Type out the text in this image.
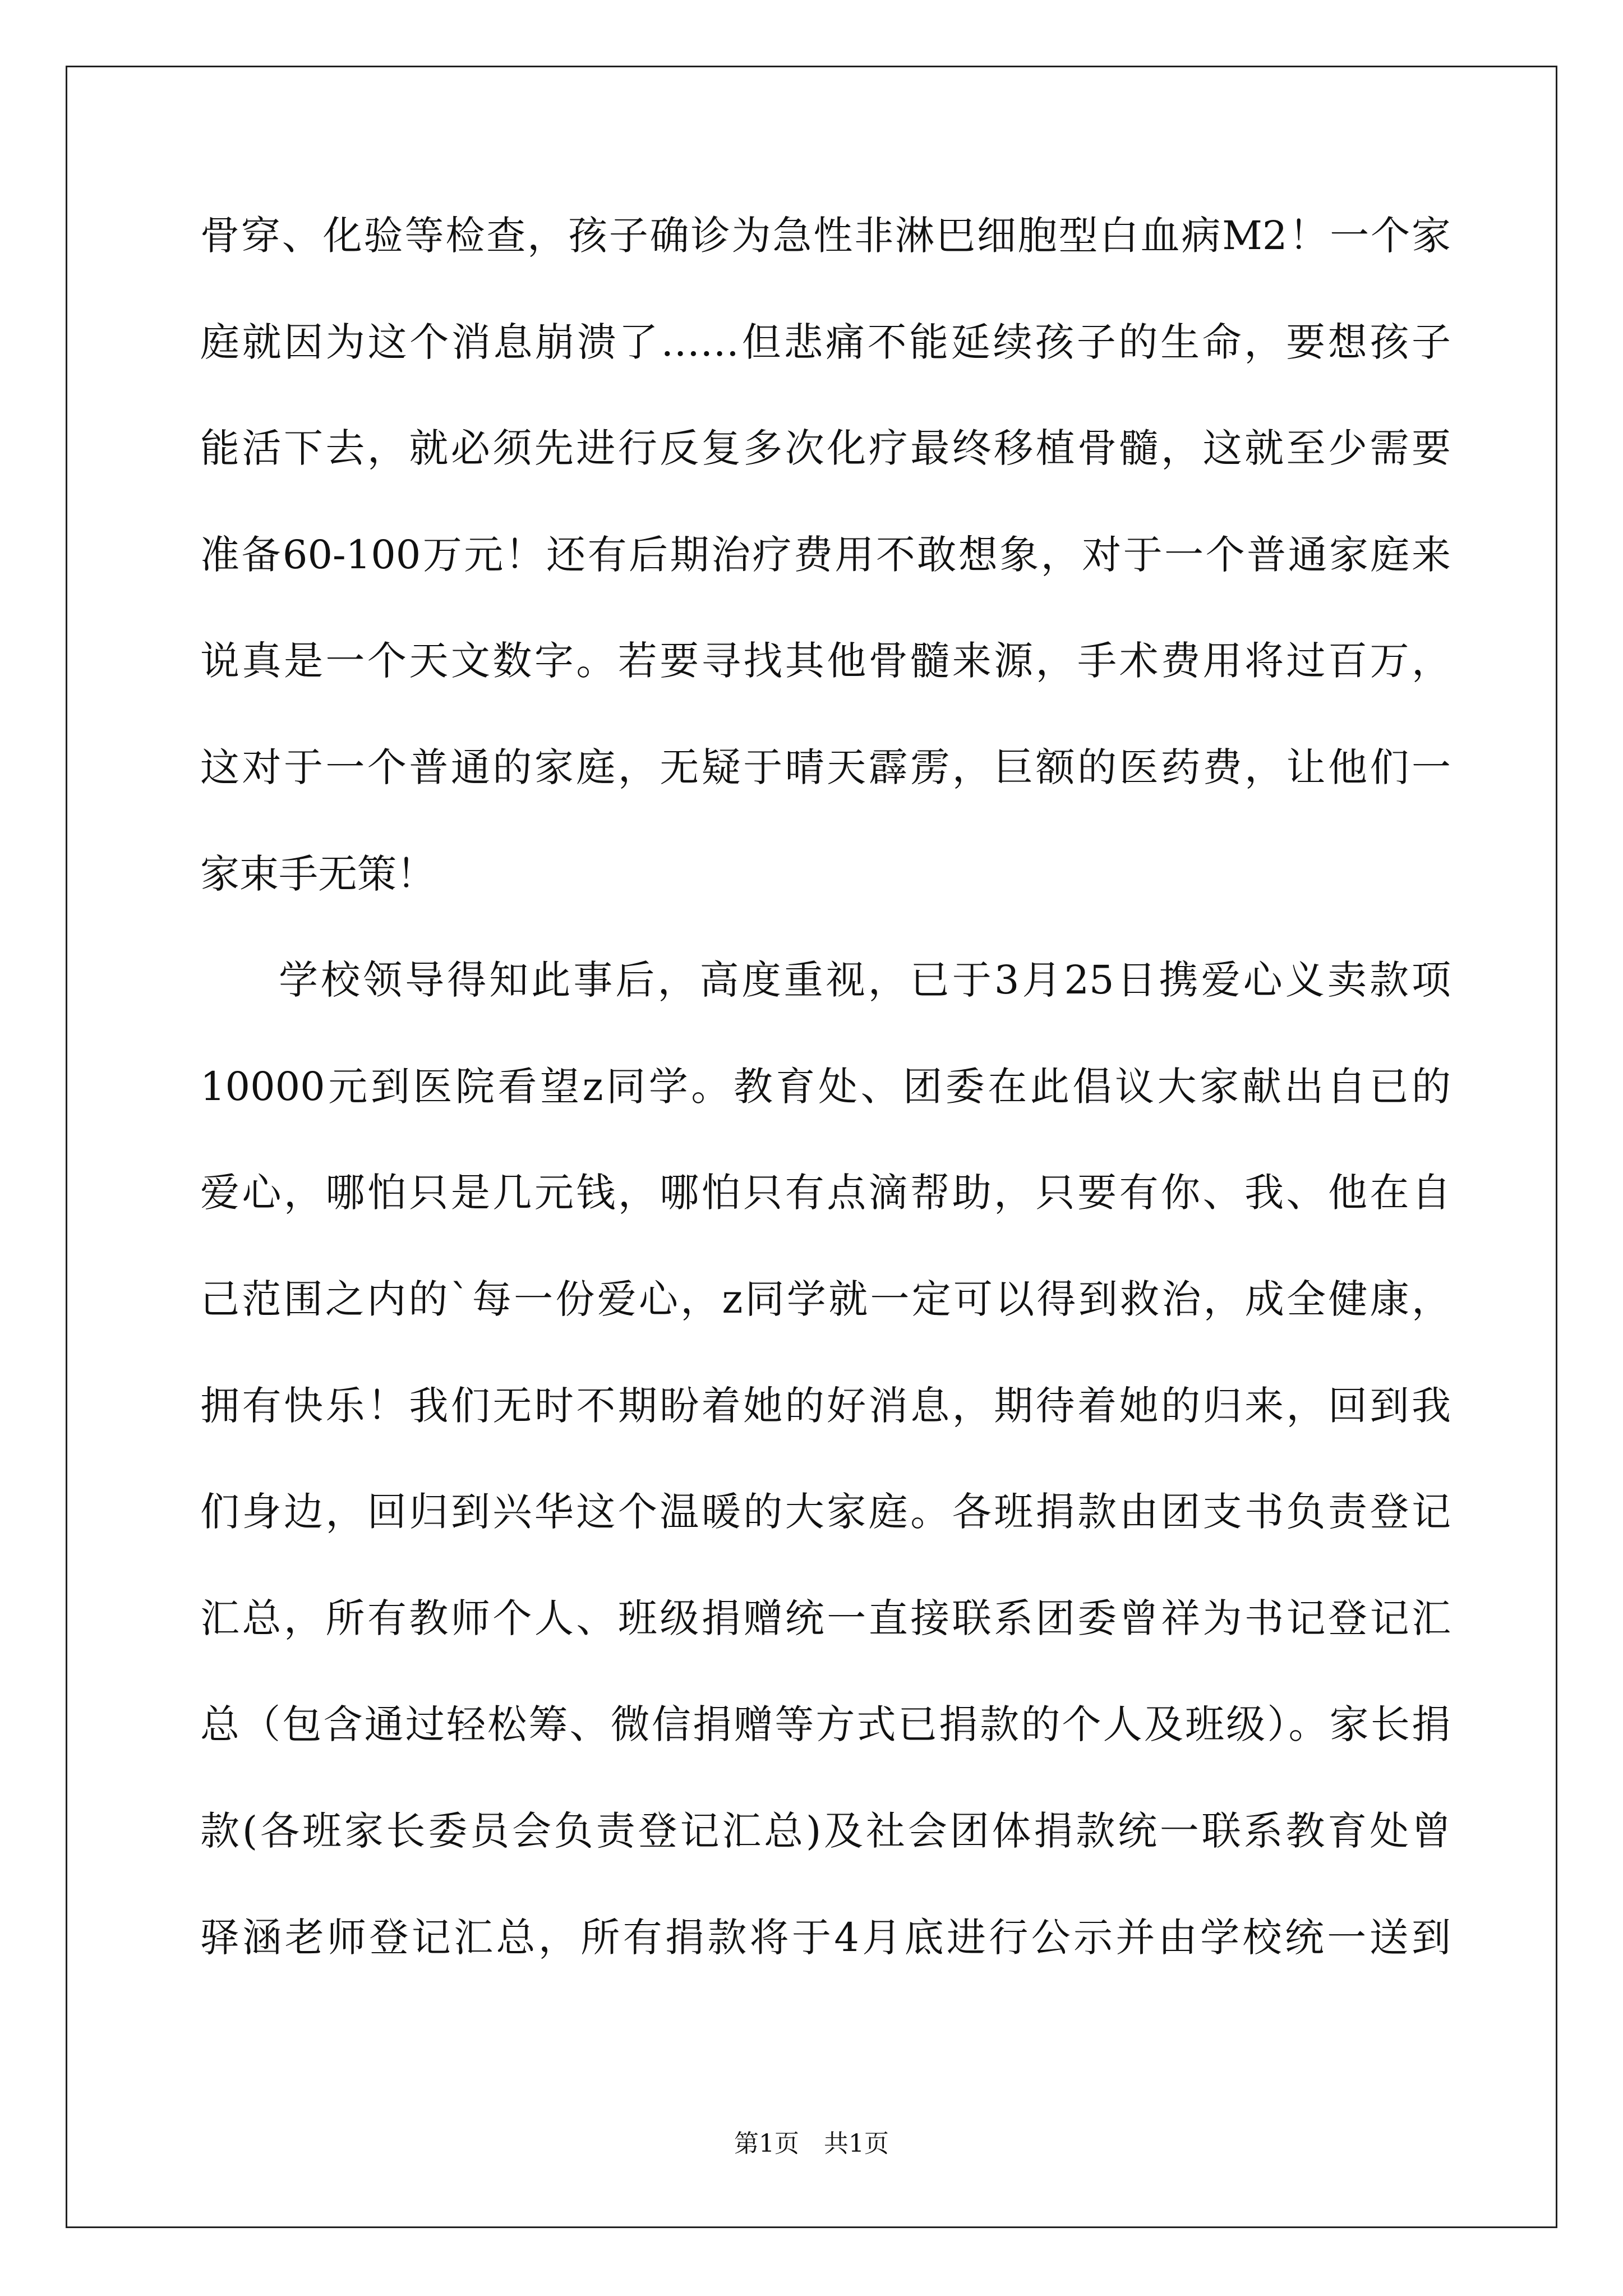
骨穿、化验等检查，孩子确诊为急性非淋巴细胞型白血病M2！一个家
庭就因为这个消息崩溃了……但悲痛不能延续孩子的生命，要想孩子
能活下去，就必须先进行反复多次化疗最终移植骨髓，这就至少需要
准备60-100万元！还有后期治疗费用不敢想象，对于一个普通家庭来
说真是一个天文数字。若要寻找其他骨髓来源，手术费用将过百万，
这对于一个普通的家庭，无疑于晴天霹雳，巨额的医药费，让他们一
家束手无策！
学校领导得知此事后，高度重视，已于3月25日携爱心义卖款项
10000元到医院看望z同学。教育处、团委在此倡议大家献出自已的
爱心，哪怕只是几元钱，哪怕只有点滴帮助，只要有你、我、他在自
己范围之内的`每一份爱心，z同学就一定可以得到救治，成全健康，
拥有快乐！我们无时不期盼着她的好消息，期待着她的归来，回到我
们身边，回归到兴华这个温暖的大家庭。各班捐款由团支书负责登记
汇总，所有教师个人、班级捐赠统一直接联系团委曾祥为书记登记汇
总（包含通过轻松筹、微信捐赠等方式已捐款的个人及班级）。家长捐
款(各班家长委员会负责登记汇总)及社会团体捐款统一联系教育处曾
驿涵老师登记汇总，所有捐款将于4月底进行公示并由学校统一送到
第1页 共1页
